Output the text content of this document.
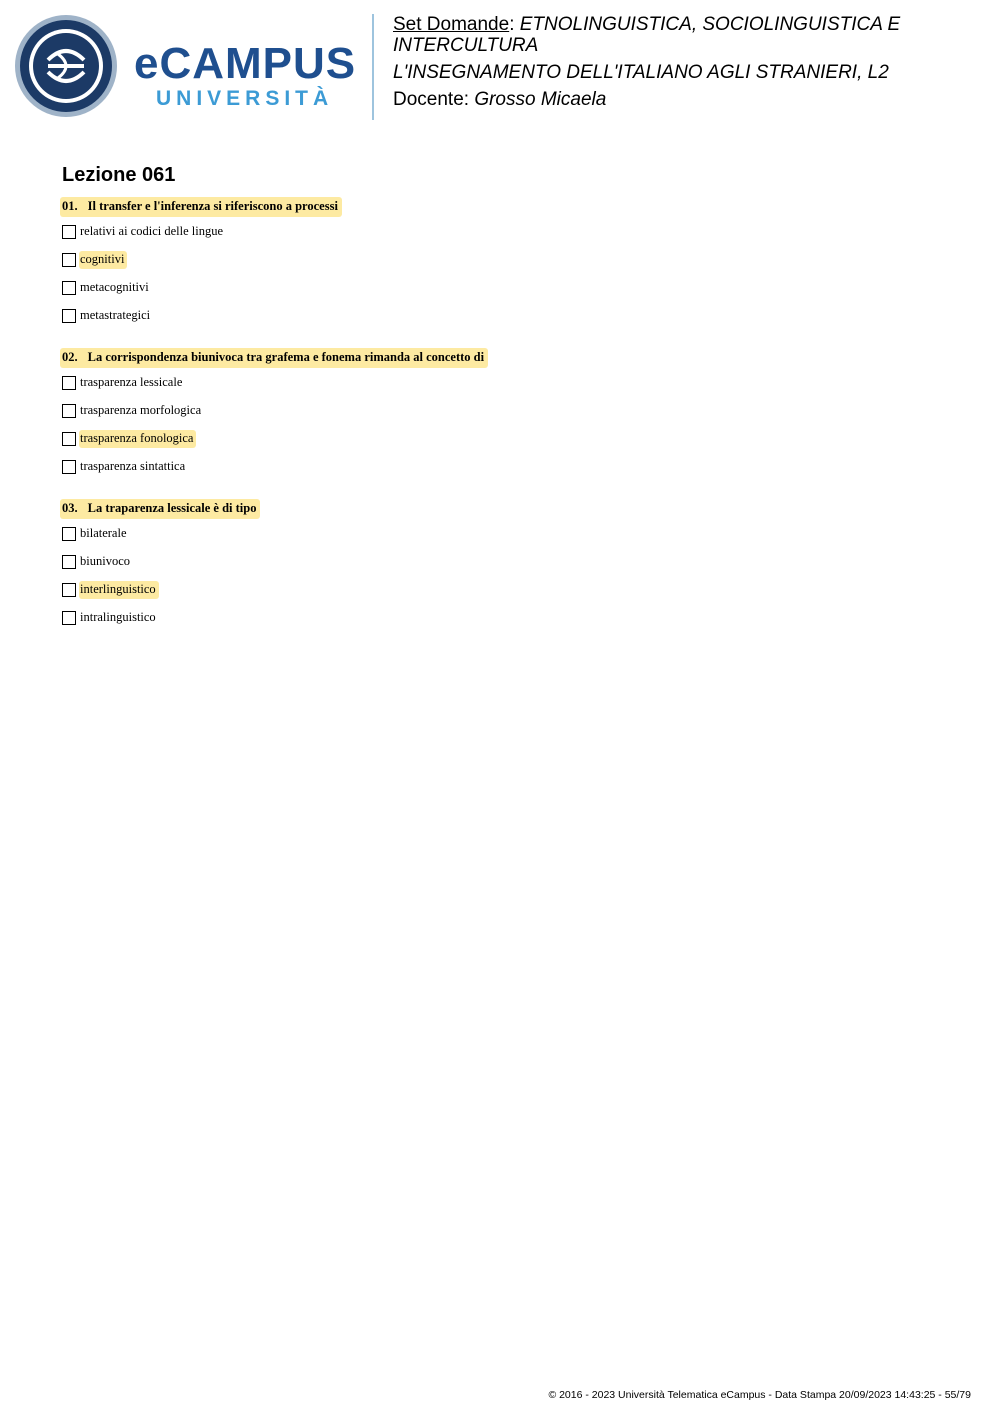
eCAMPUS
UNIVERSITÀ

Set Domande: ETNOLINGUISTICA, SOCIOLINGUISTICA E INTERCULTURA

L'INSEGNAMENTO DELL'ITALIANO AGLI STRANIERI, L2

Docente: Grosso Micaela

Lezione 061
01. Il transfer e l'inferenza si riferiscono a processi
relativi ai codici delle lingue
cognitivi
metacognitivi
metastrategici
02. La corrispondenza biunivoca tra grafema e fonema rimanda al concetto di
trasparenza lessicale
trasparenza morfologica
trasparenza fonologica
trasparenza sintattica
03. La traparenza lessicale è di tipo
bilaterale
biunivoco
interlinguistico
intralinguistico
© 2016 - 2023 Università Telematica eCampus - Data Stampa 20/09/2023 14:43:25 - 55/79
